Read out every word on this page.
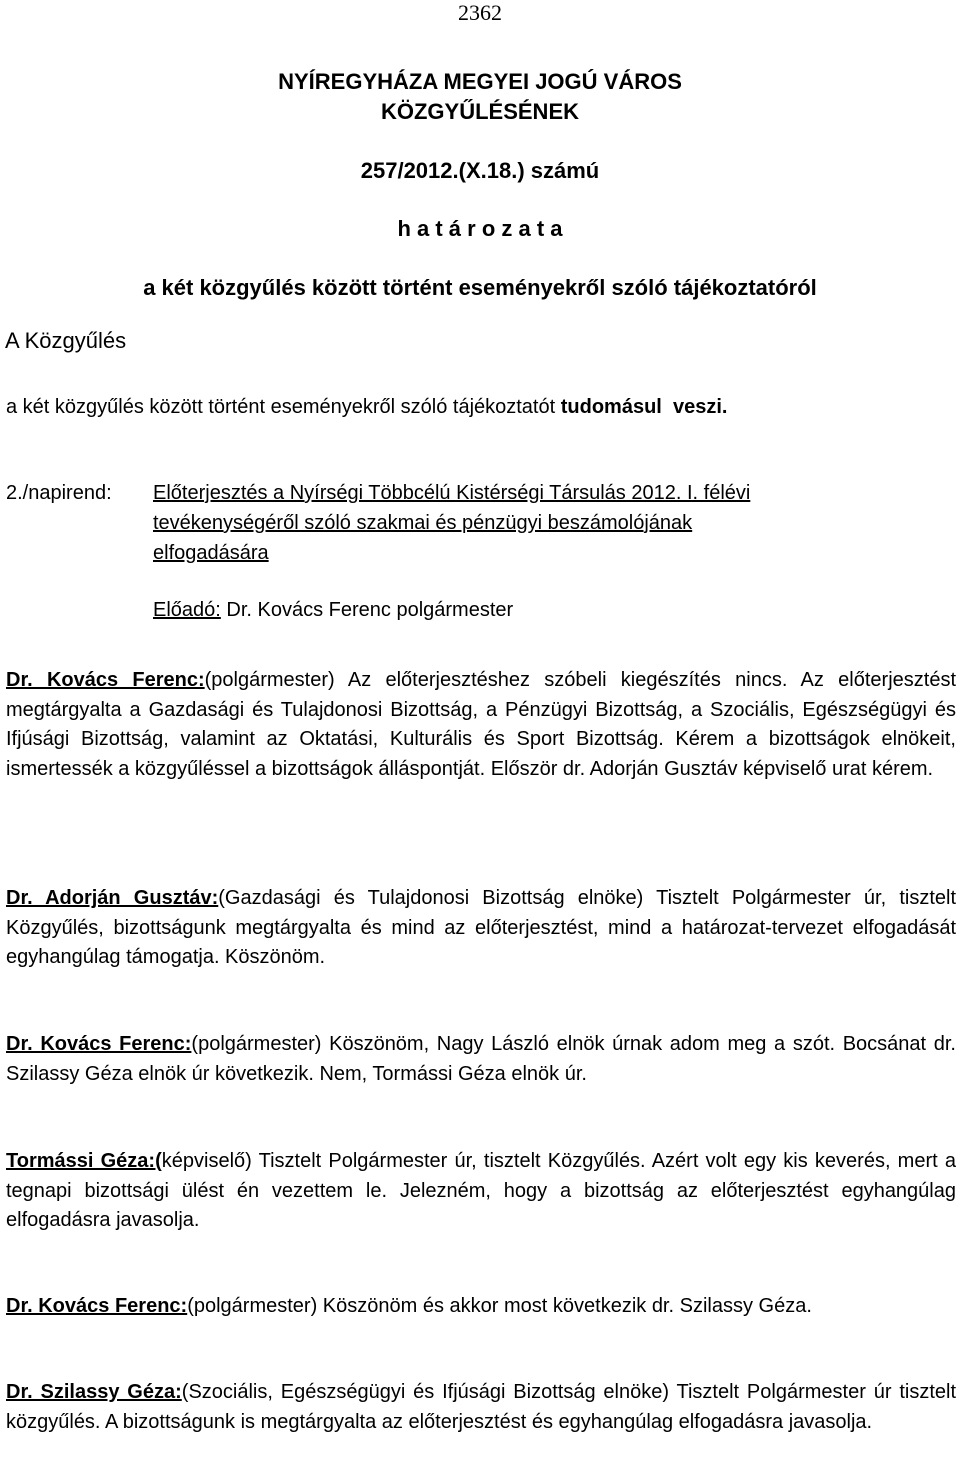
2362
NYÍREGYHÁZA MEGYEI JOGÚ VÁROS
KÖZGYŰLÉSÉNEK
257/2012.(X.18.) számú
h a t á r o z a t a
a két közgyűlés között történt eseményekről szóló tájékoztatóról
A Közgyűlés
a két közgyűlés között történt eseményekről szóló tájékoztatót tudomásul  veszi.
2./napirend: Előterjesztés a Nyírségi Többcélú Kistérségi Társulás 2012. I. félévi
tevékenységéről szóló szakmai és pénzügyi beszámolójának
elfogadására
Előadó: Dr. Kovács Ferenc polgármester
Dr. Kovács Ferenc:(polgármester) Az előterjesztéshez szóbeli kiegészítés nincs. Az előterjesztést megtárgyalta a Gazdasági és Tulajdonosi Bizottság, a Pénzügyi Bizottság, a Szociális, Egészségügyi és Ifjúsági Bizottság, valamint az Oktatási, Kulturális és Sport Bizottság. Kérem a bizottságok elnökeit, ismertessék a közgyűléssel a bizottságok álláspontját. Először dr. Adorján Gusztáv képviselő urat kérem.
Dr. Adorján Gusztáv:(Gazdasági és Tulajdonosi Bizottság elnöke) Tisztelt Polgármester úr, tisztelt Közgyűlés, bizottságunk megtárgyalta és mind az előterjesztést, mind a határozat-tervezet elfogadását egyhangúlag támogatja. Köszönöm.
Dr. Kovács Ferenc:(polgármester) Köszönöm, Nagy László elnök úrnak adom meg a szót. Bocsánat dr. Szilassy Géza elnök úr következik. Nem, Tormássi Géza elnök úr.
Tormássi Géza:(képviselő) Tisztelt Polgármester úr, tisztelt Közgyűlés. Azért volt egy kis keverés, mert a tegnapi bizottsági ülést én vezettem le. Jelezném, hogy a bizottság az előterjesztést egyhangúlag elfogadásra javasolja.
Dr. Kovács Ferenc:(polgármester) Köszönöm és akkor most következik dr. Szilassy Géza.
Dr. Szilassy Géza:(Szociális, Egészségügyi és Ifjúsági Bizottság elnöke) Tisztelt Polgármester úr tisztelt közgyűlés. A bizottságunk is megtárgyalta az előterjesztést és egyhangúlag elfogadásra javasolja.
